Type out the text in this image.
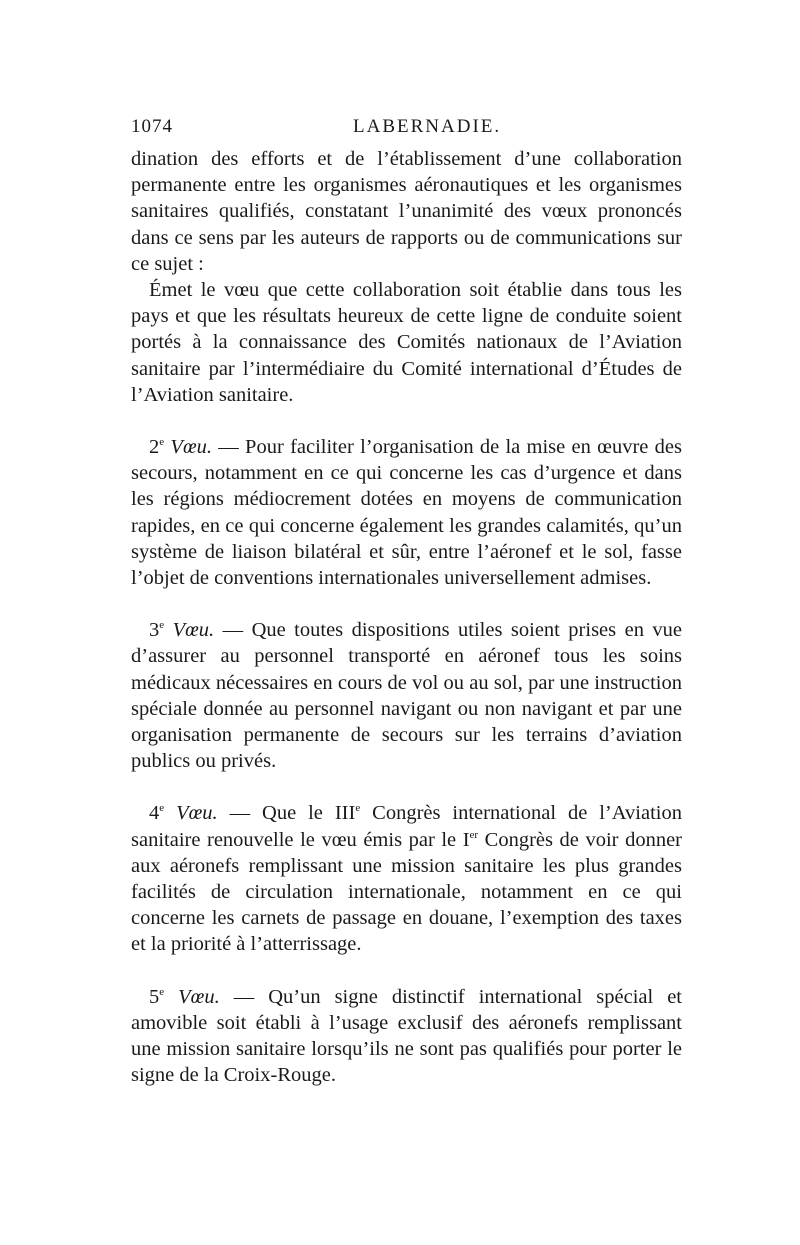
1074	LABERNADIE.

dination des efforts et de l’établissement d’une collaboration permanente entre les organismes aéronautiques et les organismes sanitaires qualifiés, constatant l’unanimité des vœux prononcés dans ce sens par les auteurs de rapports ou de communications sur ce sujet :

Émet le vœu que cette collaboration soit établie dans tous les pays et que les résultats heureux de cette ligne de conduite soient portés à la connaissance des Comités nationaux de l’Aviation sanitaire par l’intermédiaire du Comité international d’Études de l’Aviation sanitaire.

2e Vœu. — Pour faciliter l’organisation de la mise en œuvre des secours, notamment en ce qui concerne les cas d’urgence et dans les régions médiocrement dotées en moyens de communication rapides, en ce qui concerne également les grandes calamités, qu’un système de liaison bilatéral et sûr, entre l’aéronef et le sol, fasse l’objet de conventions internationales universellement admises.

3e Vœu. — Que toutes dispositions utiles soient prises en vue d’assurer au personnel transporté en aéronef tous les soins médicaux nécessaires en cours de vol ou au sol, par une instruction spéciale donnée au personnel navigant ou non navigant et par une organisation permanente de secours sur les terrains d’aviation publics ou privés.

4e Vœu. — Que le IIIe Congrès international de l’Aviation sanitaire renouvelle le vœu émis par le Ier Congrès de voir donner aux aéronefs remplissant une mission sanitaire les plus grandes facilités de circulation internationale, notamment en ce qui concerne les carnets de passage en douane, l’exemption des taxes et la priorité à l’atterrissage.

5e Vœu. — Qu’un signe distinctif international spécial et amovible soit établi à l’usage exclusif des aéronefs remplissant une mission sanitaire lorsqu’ils ne sont pas qualifiés pour porter le signe de la Croix-Rouge.
